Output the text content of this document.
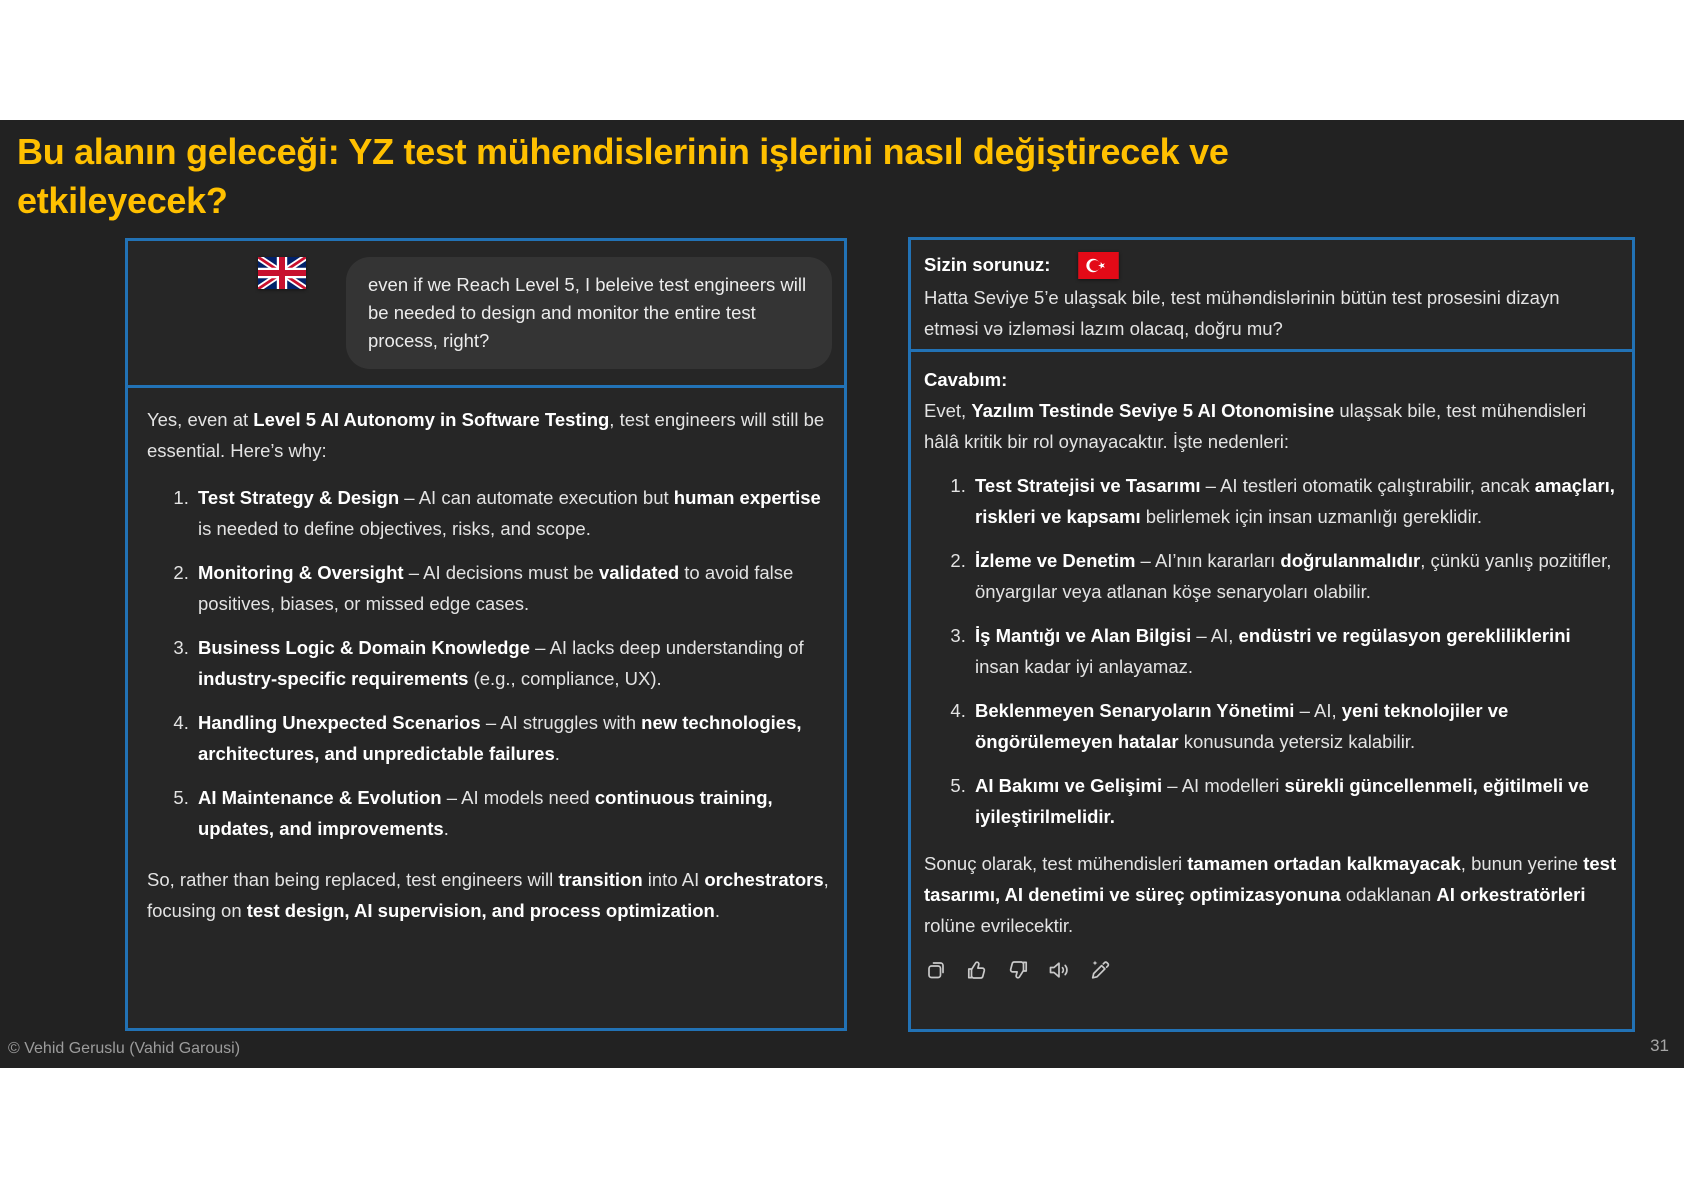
Bu alanın geleceği: YZ test mühendislerinin işlerini nasıl değiştirecek ve
etkileyecek?
even if we Reach Level 5, I beleive test engineers will be needed to design and monitor the entire test process, right?

Yes, even at Level 5 AI Autonomy in Software Testing, test engineers will still be essential. Here’s why:

1. Test Strategy & Design – AI can automate execution but human expertise is needed to define objectives, risks, and scope.
2. Monitoring & Oversight – AI decisions must be validated to avoid false positives, biases, or missed edge cases.
3. Business Logic & Domain Knowledge – AI lacks deep understanding of industry-specific requirements (e.g., compliance, UX).
4. Handling Unexpected Scenarios – AI struggles with new technologies, architectures, and unpredictable failures.
5. AI Maintenance & Evolution – AI models need continuous training, updates, and improvements.

So, rather than being replaced, test engineers will transition into AI orchestrators, focusing on test design, AI supervision, and process optimization.

Sizin sorunuz:

Hatta Seviye 5’e ulaşsak bile, test mühəndislərinin bütün test prosesini dizayn etməsi və izləməsi lazım olacaq, doğru mu?

Cavabım:

Evet, Yazılım Testinde Seviye 5 AI Otonomisine ulaşsak bile, test mühendisleri hâlâ kritik bir rol oynayacaktır. İşte nedenleri:

1. Test Stratejisi ve Tasarımı – AI testleri otomatik çalıştırabilir, ancak amaçları, riskleri ve kapsamı belirlemek için insan uzmanlığı gereklidir.
2. İzleme ve Denetim – AI’nın kararları doğrulanmalıdır, çünkü yanlış pozitifler, önyargılar veya atlanan köşe senaryoları olabilir.
3. İş Mantığı ve Alan Bilgisi – AI, endüstri ve regülasyon gerekliliklerini insan kadar iyi anlayamaz.
4. Beklenmeyen Senaryoların Yönetimi – AI, yeni teknolojiler ve öngörülemeyen hatalar konusunda yetersiz kalabilir.
5. AI Bakımı ve Gelişimi – AI modelleri sürekli güncellenmeli, eğitilmeli ve iyileştirilmelidir.

Sonuç olarak, test mühendisleri tamamen ortadan kalkmayacak, bunun yerine test tasarımı, AI denetimi ve süreç optimizasyonuna odaklanan AI orkestratörleri rolüne evrilecektir.

© Vehid Geruslu (Vahid Garousi)	31
